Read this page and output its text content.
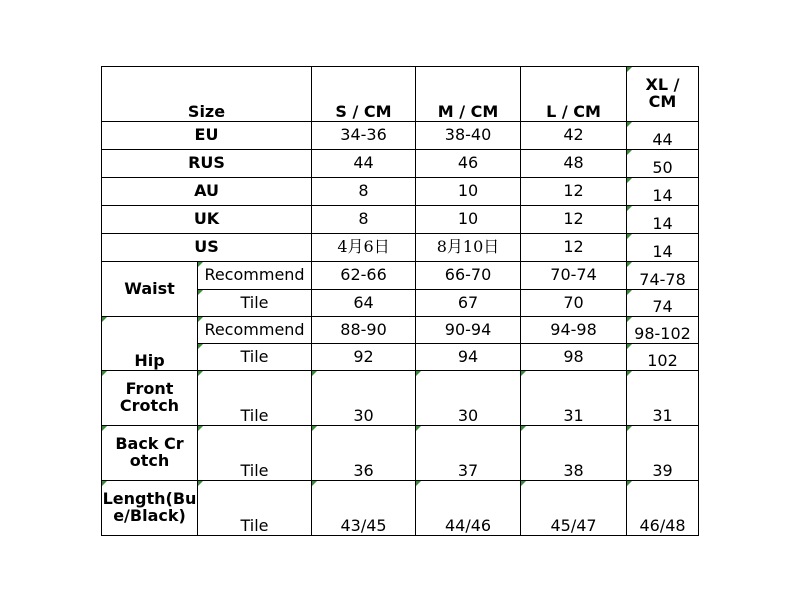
Size		S / CM	M / CM	L / CM	XL /
CM
EU		34-36	38-40	42	44
RUS		44	46	48	50
AU		8	10	12	14
UK		8	10	12	14
US		4月6日	8月10日	12	14
Waist	Recommend	62-66	66-70	70-74	74-78
	Tile	64	67	70	74
Hip	Recommend	88-90	90-94	94-98	98-102
	Tile	92	94	98	102
Front
Crotch	Tile	30	30	31	31
Back Cr
otch	Tile	36	37	38	39
Length(Bu
e/Black)	Tile	43/45	44/46	45/47	46/48
